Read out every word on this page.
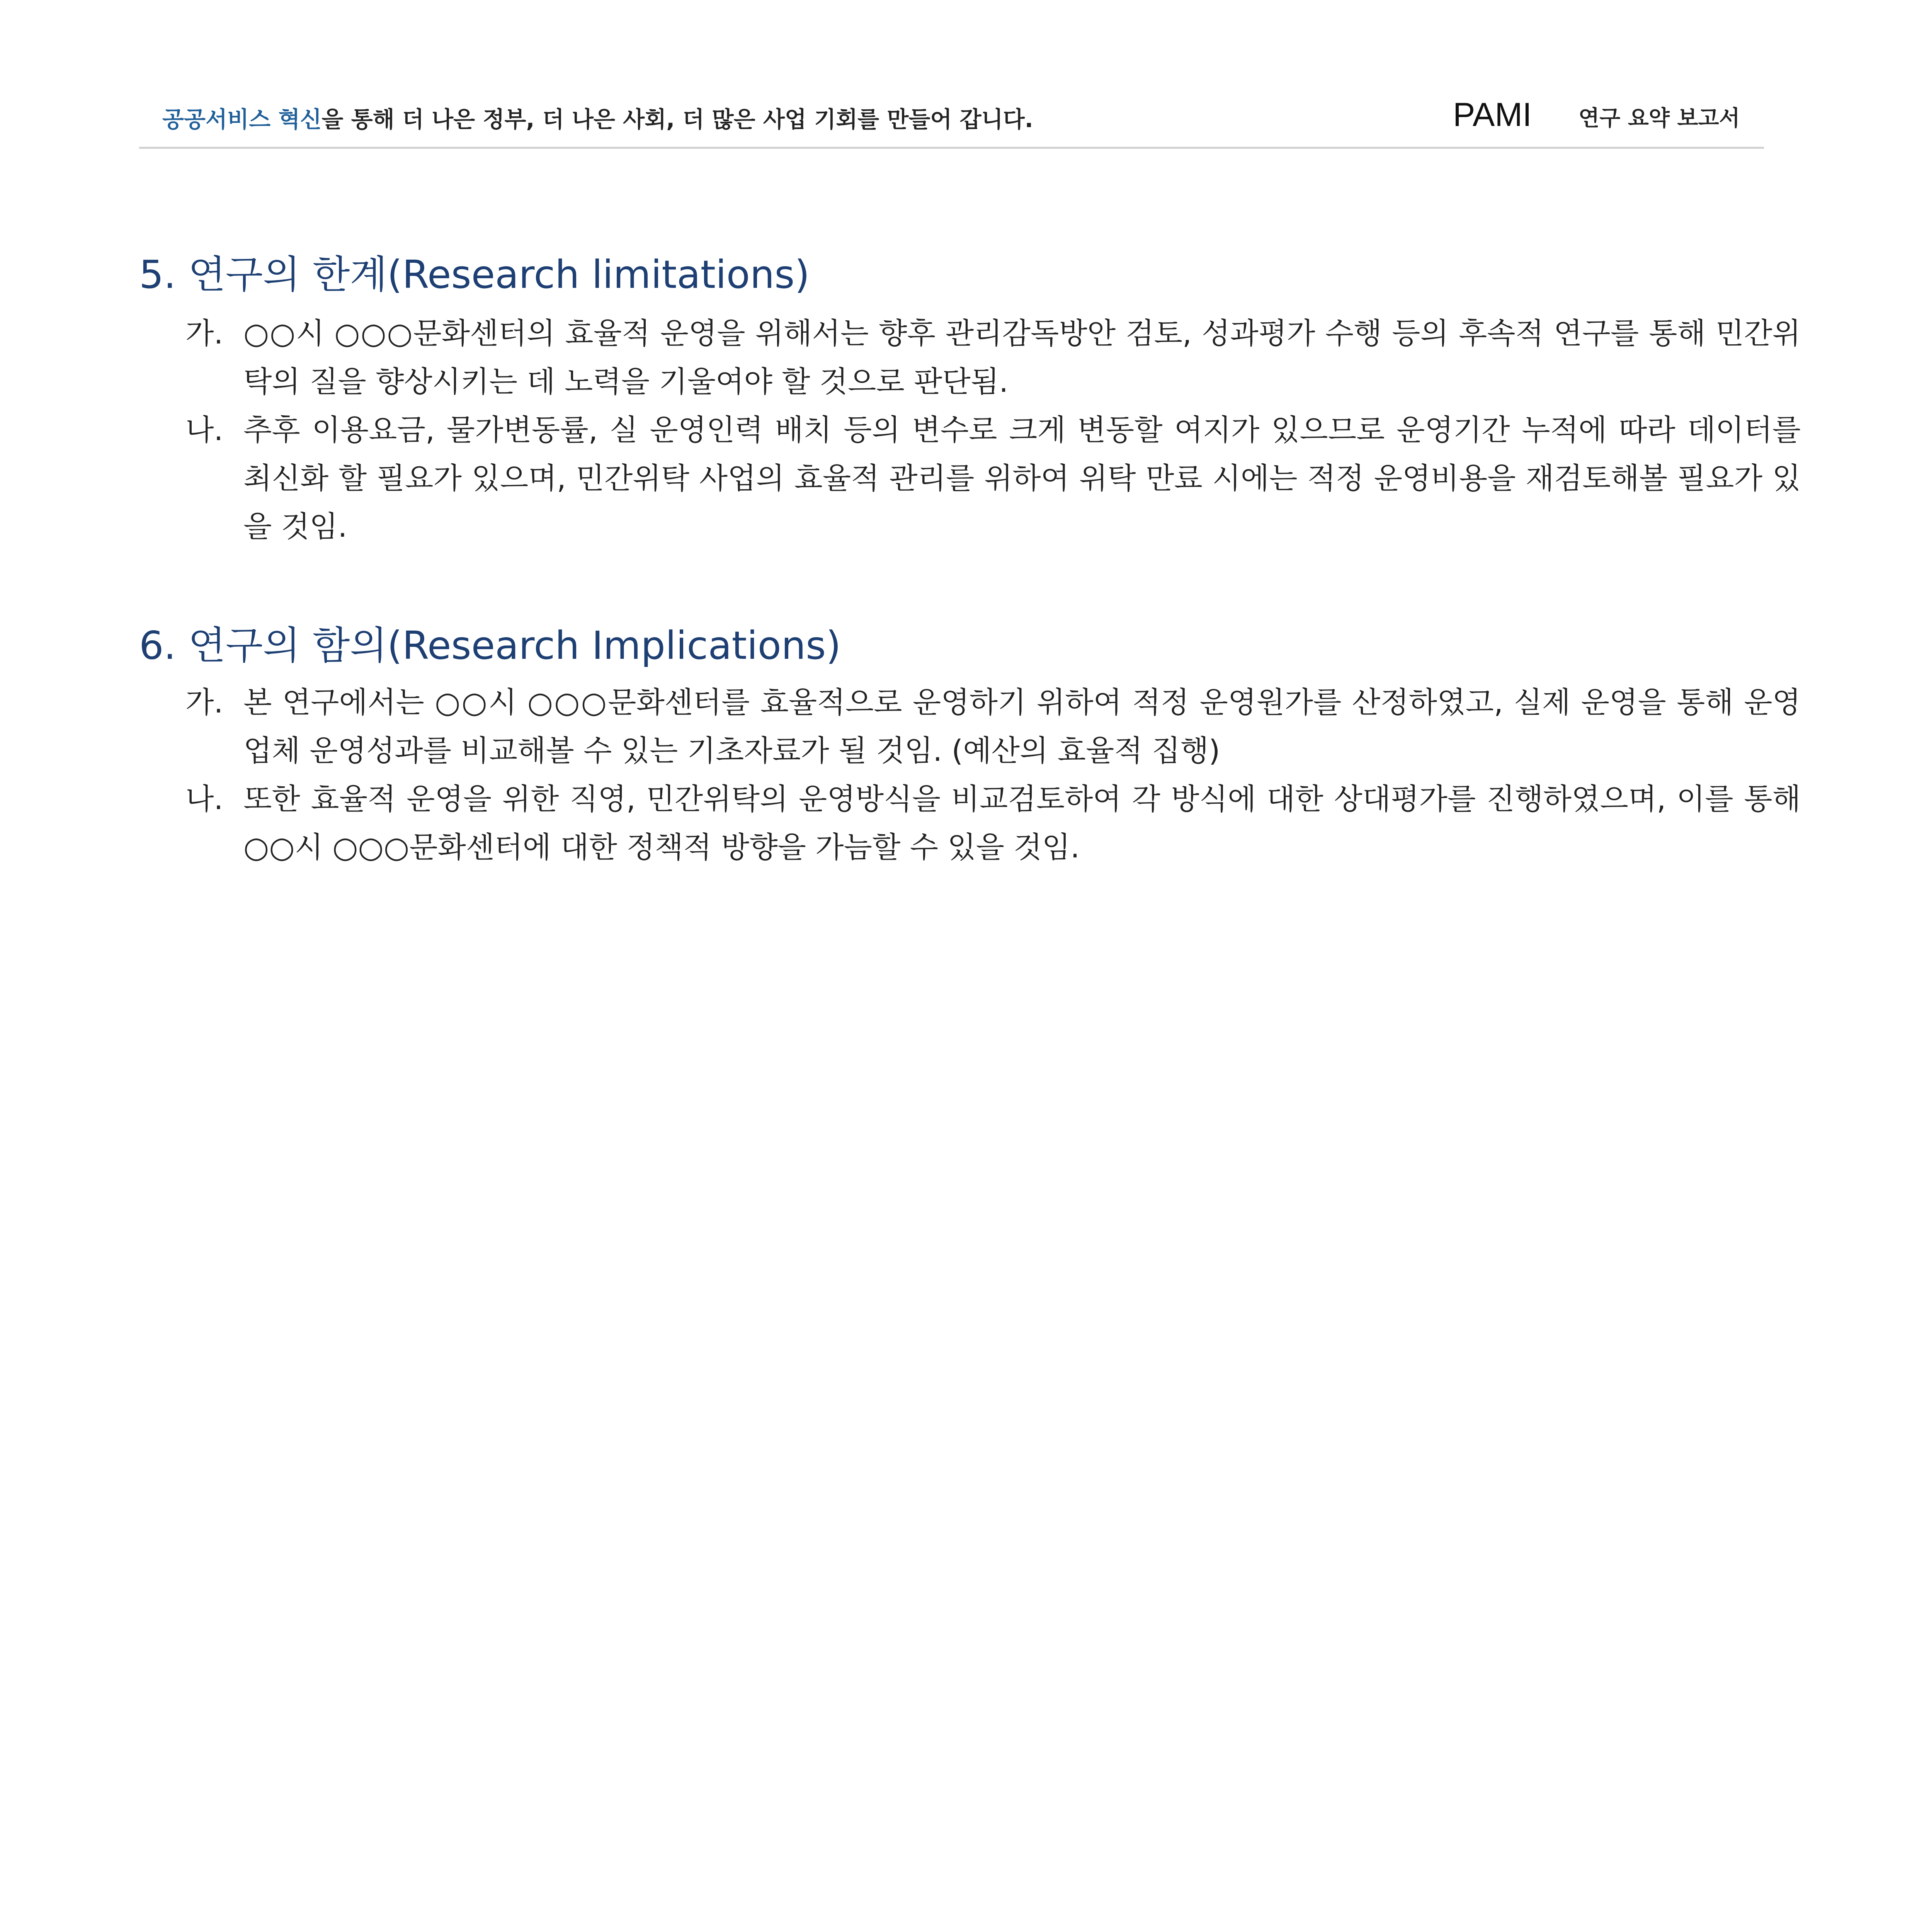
공공서비스 혁신을 통해 더 나은 정부, 더 나은 사회, 더 많은 사업 기회를 만들어 갑니다.	PAMI 연구 요약 보고서
5. 연구의 한계(Research limitations)
가. ○○시 ○○○문화센터의 효율적 운영을 위해서는 향후 관리감독방안 검토, 성과평가 수행 등의 후속적 연구를 통해 민간위탁의 질을 향상시키는 데 노력을 기울여야 할 것으로 판단됨.
나. 추후 이용요금, 물가변동률, 실 운영인력 배치 등의 변수로 크게 변동할 여지가 있으므로 운영기간 누적에 따라 데이터를 최신화 할 필요가 있으며, 민간위탁 사업의 효율적 관리를 위하여 위탁 만료 시에는 적정 운영비용을 재검토해볼 필요가 있을 것임.
6. 연구의 함의(Research Implications)
가. 본 연구에서는 ○○시 ○○○문화센터를 효율적으로 운영하기 위하여 적정 운영원가를 산정하였고, 실제 운영을 통해 운영업체 운영성과를 비교해볼 수 있는 기초자료가 될 것임. (예산의 효율적 집행)
나. 또한 효율적 운영을 위한 직영, 민간위탁의 운영방식을 비교검토하여 각 방식에 대한 상대평가를 진행하였으며, 이를 통해 ○○시 ○○○문화센터에 대한 정책적 방향을 가늠할 수 있을 것임.
